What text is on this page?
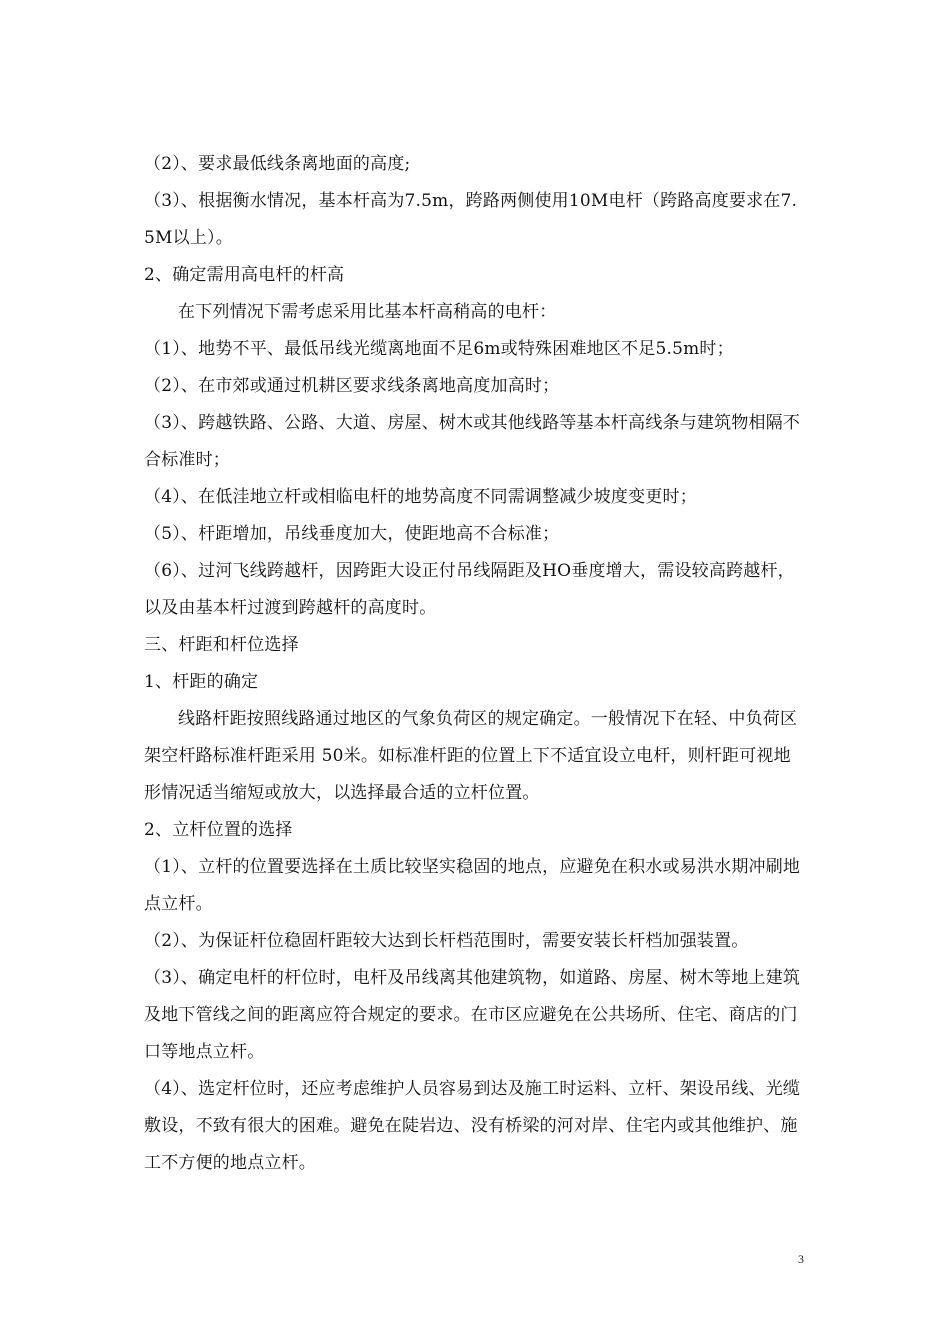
（2）、要求最低线条离地面的高度;

（3）、根据衡水情况，基本杆高为7.5m，跨路两侧使用10M电杆（跨路高度要求在7.5M以上）。

2、确定需用高电杆的杆高

在下列情况下需考虑采用比基本杆高稍高的电杆：

（1）、地势不平、最低吊线光缆离地面不足6m或特殊困难地区不足5.5m时；

（2）、在市郊或通过机耕区要求线条离地高度加高时；

（3）、跨越铁路、公路、大道、房屋、树木或其他线路等基本杆高线条与建筑物相隔不合标准时；

（4）、在低洼地立杆或相临电杆的地势高度不同需调整减少坡度变更时；

（5）、杆距增加，吊线垂度加大，使距地高不合标准；

（6）、过河飞线跨越杆，因跨距大设正付吊线隔距及HO垂度增大，需设较高跨越杆，以及由基本杆过渡到跨越杆的高度时。

三、杆距和杆位选择

1、杆距的确定

线路杆距按照线路通过地区的气象负荷区的规定确定。一般情况下在轻、中负荷区架空杆路标准杆距采用 50米。如标准杆距的位置上下不适宜设立电杆，则杆距可视地形情况适当缩短或放大，以选择最合适的立杆位置。

2、立杆位置的选择

（1）、立杆的位置要选择在土质比较坚实稳固的地点，应避免在积水或易洪水期冲刷地点立杆。

（2）、为保证杆位稳固杆距较大达到长杆档范围时，需要安装长杆档加强装置。

（3）、确定电杆的杆位时，电杆及吊线离其他建筑物，如道路、房屋、树木等地上建筑及地下管线之间的距离应符合规定的要求。在市区应避免在公共场所、住宅、商店的门口等地点立杆。

（4）、选定杆位时，还应考虑维护人员容易到达及施工时运料、立杆、架设吊线、光缆敷设，不致有很大的困难。避免在陡岩边、没有桥梁的河对岸、住宅内或其他维护、施工不方便的地点立杆。

3
